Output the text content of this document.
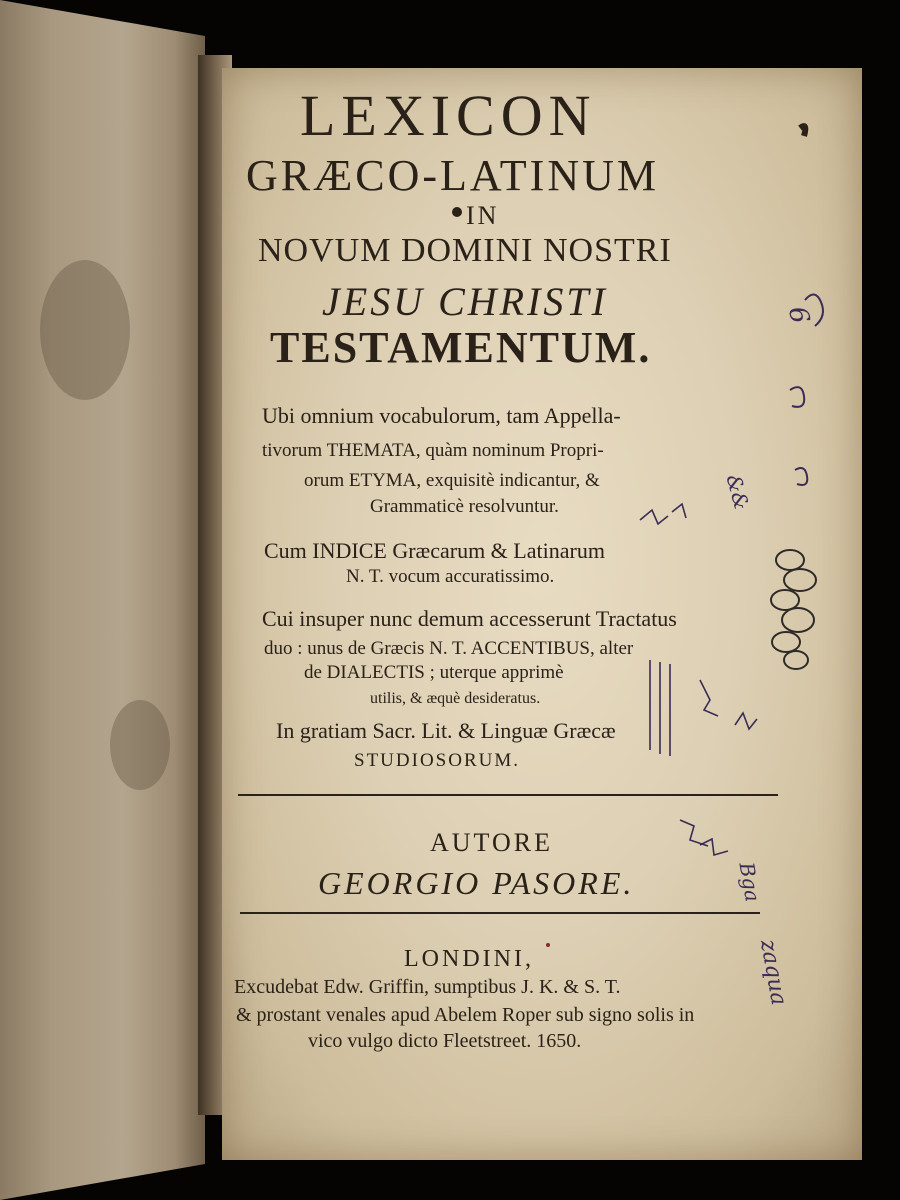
LEXICON

GRÆCO-LATINUM

IN

NOVUM DOMINI NOSTRI

JESU CHRISTI

TESTAMENTUM.

Ubi omnium vocabulorum, tam Appella-

tivorum THEMATA, quàm nominum Propri-

orum ETYMA, exquisitè indicantur, &

Grammaticè resolvuntur.

Cum INDICE Græcarum & Latinarum

N. T. vocum accuratissimo.

Cui insuper nunc demum accesserunt Tractatus

duo : unus de Græcis N. T. ACCENTIBUS, alter

de DIALECTIS ; uterque apprimè

utilis, & æquè desideratus.

In gratiam Sacr. Lit. & Linguæ Græcæ

STUDIOSORUM.

AUTORE

GEORGIO PASORE.

LONDINI,

Excudebat Edw. Griffin, sumptibus J. K. & S. T.

& prostant venales apud Abelem Roper sub signo solis in

vico vulgo dicto Fleetstreet. 1650.

6
&&
Bga
zaqua
